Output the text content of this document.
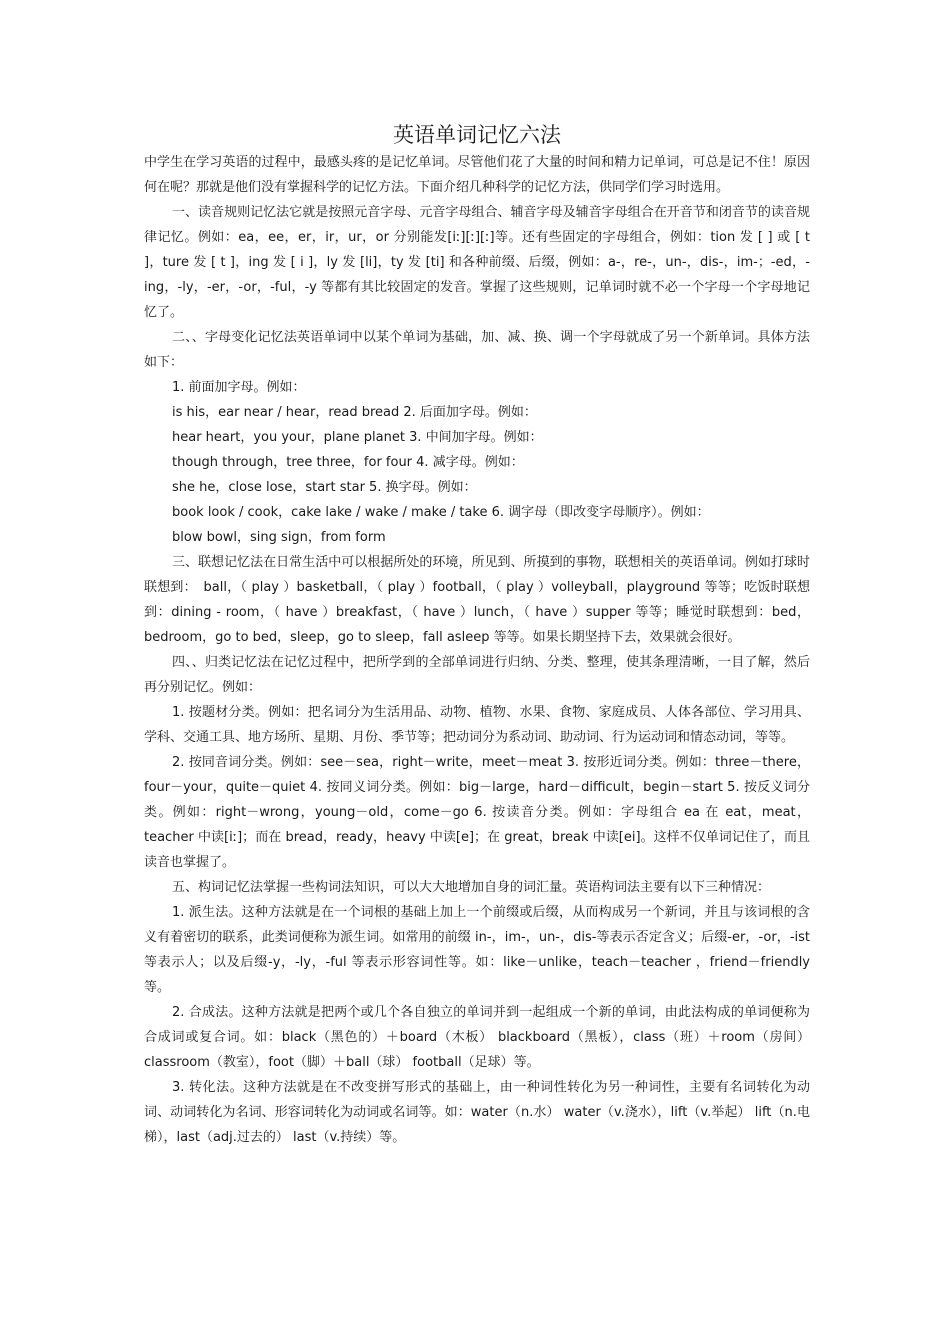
英语单词记忆六法

中学生在学习英语的过程中，最感头疼的是记忆单词。尽管他们花了大量的时间和精力记单词，可总是记不住！原因何在呢？那就是他们没有掌握科学的记忆方法。下面介绍几种科学的记忆方法，供同学们学习时选用。

一、读音规则记忆法它就是按照元音字母、元音字母组合、辅音字母及辅音字母组合在开音节和闭音节的读音规律记忆。例如：ea，ee，er，ir，ur，or 分别能发[iː][ː][ː]等。还有些固定的字母组合，例如：tion 发 [ ] 或 [ t ]，ture 发 [ t ]，ing 发 [ i ]，ly 发 [li]，ty 发 [ti] 和各种前缀、后缀，例如：a-，re-，un-，dis-，im-；-ed，-ing，-ly，-er，-or，-ful，-y 等都有其比较固定的发音。掌握了这些规则，记单词时就不必一个字母一个字母地记忆了。

二、、字母变化记忆法英语单词中以某个单词为基础，加、减、换、调一个字母就成了另一个新单词。具体方法如下：

1. 前面加字母。例如：

is his，ear near / hear，read bread 2. 后面加字母。例如：

hear heart，you your，plane planet 3. 中间加字母。例如：

though through，tree three，for four 4. 减字母。例如：

she he，close lose，start star 5. 换字母。例如：

book look / cook，cake lake / wake / make / take 6. 调字母（即改变字母顺序）。例如：

blow bowl，sing sign，from form

三、联想记忆法在日常生活中可以根据所处的环境，所见到、所摸到的事物，联想相关的英语单词。例如打球时联想到：　ball，（ play ）basketball，（ play ）football，（ play ）volleyball，playground 等等；吃饭时联想到：dining - room，（ have ）breakfast，（ have ）lunch，（ have ）supper 等等；睡觉时联想到：bed，bedroom，go to bed，sleep，go to sleep，fall asleep 等等。如果长期坚持下去，效果就会很好。

四、、归类记忆法在记忆过程中，把所学到的全部单词进行归纳、分类、整理，使其条理清晰，一目了解，然后再分别记忆。例如：

1. 按题材分类。例如：把名词分为生活用品、动物、植物、水果、食物、家庭成员、人体各部位、学习用具、学科、交通工具、地方场所、星期、月份、季节等；把动词分为系动词、助动词、行为运动词和情态动词，等等。

2. 按同音词分类。例如：see－sea，right－write，meet－meat 3. 按形近词分类。例如：three－there，four－your，quite－quiet 4. 按同义词分类。例如：big－large，hard－difficult，begin－start 5. 按反义词分类。例如：right－wrong，young－old，come－go 6. 按读音分类。例如：字母组合 ea 在 eat，meat，teacher 中读[iː]；而在 bread，ready，heavy 中读[e]；在 great，break 中读[ei]。这样不仅单词记住了，而且读音也掌握了。

五、构词记忆法掌握一些构词法知识，可以大大地增加自身的词汇量。英语构词法主要有以下三种情况：

1. 派生法。这种方法就是在一个词根的基础上加上一个前缀或后缀，从而构成另一个新词，并且与该词根的含 义有着密切的联系，此类词便称为派生词。如常用的前缀 in-，im-，un-，dis-等表示否定含义；后缀-er，-or，-ist 等表示人；以及后缀-y，-ly，-ful 等表示形容词性等。如：like－unlike，teach－teacher ，friend－friendly 等。

2. 合成法。这种方法就是把两个或几个各自独立的单词并到一起组成一个新的单词，由此法构成的单词便称为合成词或复合词。如：black（黑色的）＋board（木板） blackboard（黑板），class（班）＋room（房间） classroom（教室），foot（脚）＋ball（球） football（足球）等。

3. 转化法。这种方法就是在不改变拼写形式的基础上，由一种词性转化为另一种词性，主要有名词转化为动词、动词转化为名词、形容词转化为动词或名词等。如：water（n.水） water（v.浇水），lift（v.举起） lift（n.电梯），last（adj.过去的） last（v.持续）等。
